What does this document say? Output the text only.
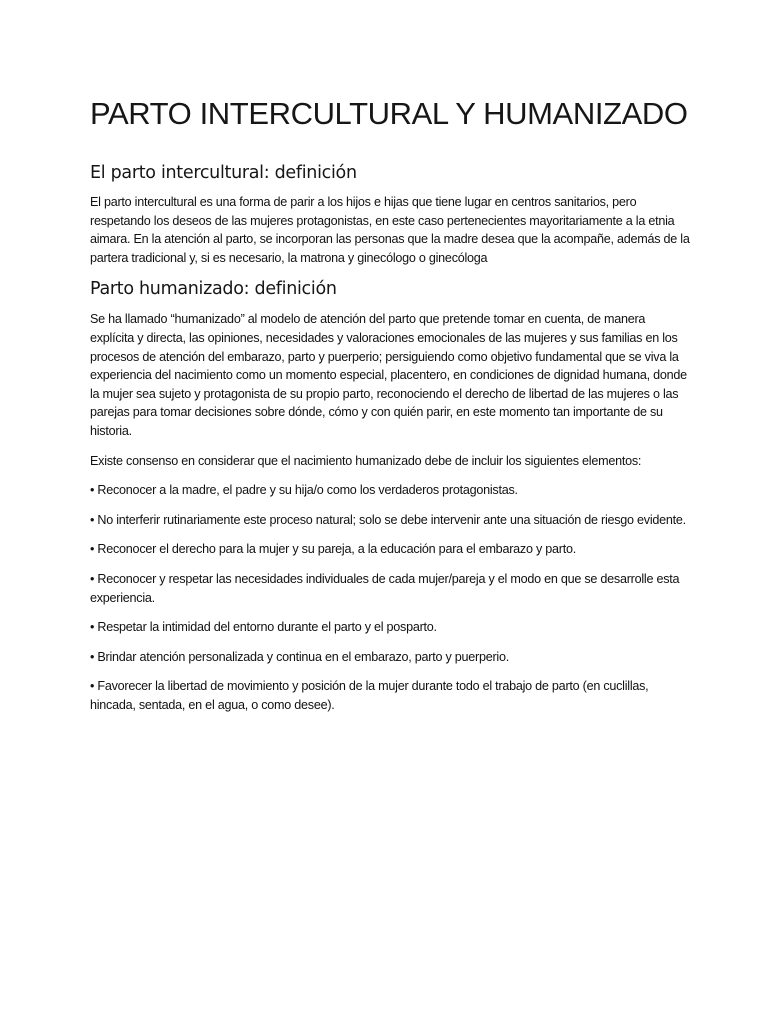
PARTO INTERCULTURAL Y HUMANIZADO
El parto intercultural: definición

El parto intercultural es una forma de parir a los hijos e hijas que tiene lugar en centros sanitarios, pero respetando los deseos de las mujeres protagonistas, en este caso pertenecientes mayoritariamente a la etnia aimara. En la atención al parto, se incorporan las personas que la madre desea que la acompañe, además de la partera tradicional y, si es necesario, la matrona y ginecólogo o ginecóloga

Parto humanizado: definición

Se ha llamado “humanizado” al modelo de atención del parto que pretende tomar en cuenta, de manera explícita y directa, las opiniones, necesidades y valoraciones emocionales de las mujeres y sus familias en los procesos de atención del embarazo, parto y puerperio; persiguiendo como objetivo fundamental que se viva la experiencia del nacimiento como un momento especial, placentero, en condiciones de dignidad humana, donde la mujer sea sujeto y protagonista de su propio parto, reconociendo el derecho de libertad de las mujeres o las parejas para tomar decisiones sobre dónde, cómo y con quién parir, en este momento tan importante de su historia.

Existe consenso en considerar que el nacimiento humanizado debe de incluir los siguientes elementos:

• Reconocer a la madre, el padre y su hija/o como los verdaderos protagonistas.

• No interferir rutinariamente este proceso natural; solo se debe intervenir ante una situación de riesgo evidente.

• Reconocer el derecho para la mujer y su pareja, a la educación para el embarazo y parto.

• Reconocer y respetar las necesidades individuales de cada mujer/pareja y el modo en que se desarrolle esta experiencia.

• Respetar la intimidad del entorno durante el parto y el posparto.

• Brindar atención personalizada y continua en el embarazo, parto y puerperio.

• Favorecer la libertad de movimiento y posición de la mujer durante todo el trabajo de parto (en cuclillas, hincada, sentada, en el agua, o como desee).
